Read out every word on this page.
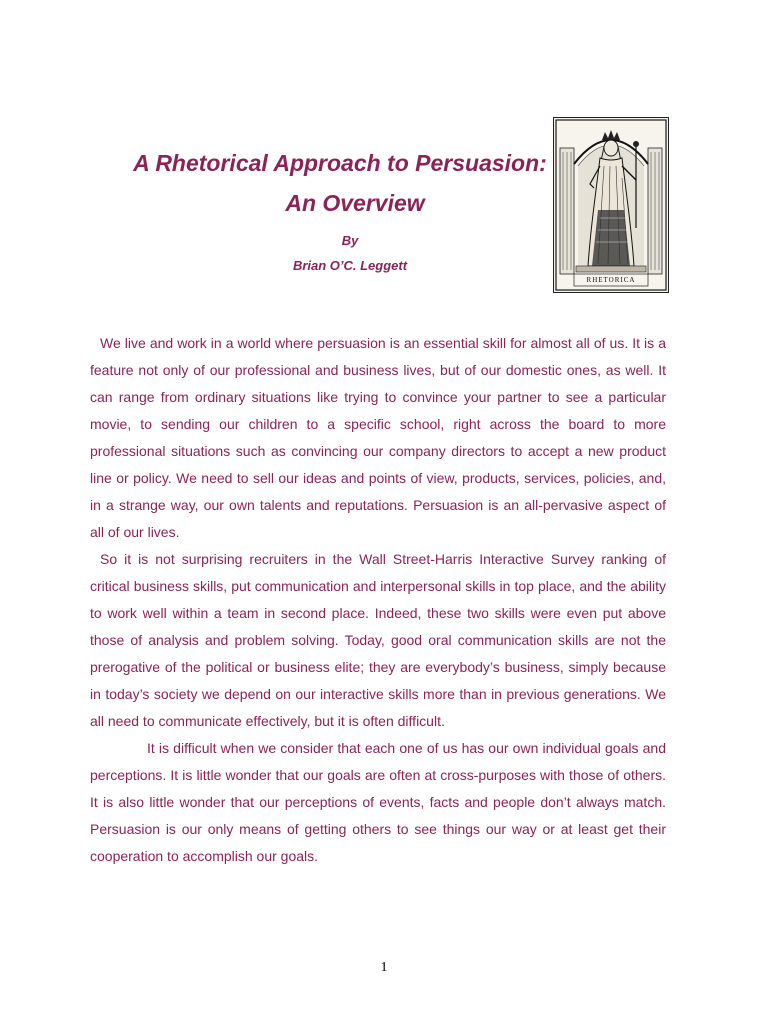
A Rhetorical Approach to Persuasion:
An Overview
By
Brian O’C. Leggett
RHETORICA

We live and work in a world where persuasion is an essential skill for almost all of us. It is a feature not only of our professional and business lives, but of our domestic ones, as well. It can range from ordinary situations like trying to convince your partner to see a particular movie, to sending our children to a specific school, right across the board to more professional situations such as convincing our company directors to accept a new product line or policy. We need to sell our ideas and points of view, products, services, policies, and, in a strange way, our own talents and reputations. Persuasion is an all-pervasive aspect of all of our lives.

So it is not surprising recruiters in the Wall Street-Harris Interactive Survey ranking of critical business skills, put communication and interpersonal skills in top place, and the ability to work well within a team in second place. Indeed, these two skills were even put above those of analysis and problem solving. Today, good oral communication skills are not the prerogative of the political or business elite; they are everybody’s business, simply because in today’s society we depend on our interactive skills more than in previous generations. We all need to communicate effectively, but it is often difficult.

It is difficult when we consider that each one of us has our own individual goals and perceptions. It is little wonder that our goals are often at cross-purposes with those of others. It is also little wonder that our perceptions of events, facts and people don’t always match. Persuasion is our only means of getting others to see things our way or at least get their cooperation to accomplish our goals.

1
